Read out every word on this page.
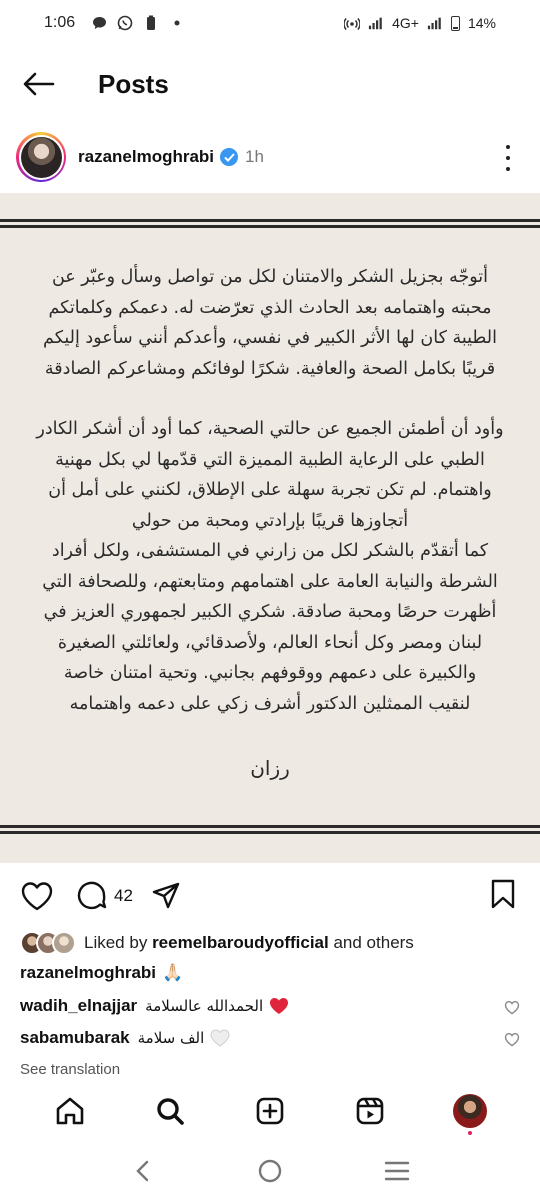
1:06	4G+	14%
Posts
razanelmoghrabi 1h

أتوجّه بجزيل الشكر والامتنان لكل من تواصل وسأل وعبّر عن

محبته واهتمامه بعد الحادث الذي تعرّضت له. دعمكم وكلماتكم

الطيبة كان لها الأثر الكبير في نفسي، وأعدكم أنني سأعود إليكم

قريبًا بكامل الصحة والعافية. شكرًا لوفائكم ومشاعركم الصادقة

وأود أن أطمئن الجميع عن حالتي الصحية، كما أود أن أشكر الكادر

الطبي على الرعاية الطبية المميزة التي قدّمها لي بكل مهنية

واهتمام. لم تكن تجربة سهلة على الإطلاق، لكنني على أمل أن

أتجاوزها قريبًا بإرادتي ومحبة من حولي

كما أتقدّم بالشكر لكل من زارني في المستشفى، ولكل أفراد

الشرطة والنيابة العامة على اهتمامهم ومتابعتهم، وللصحافة التي

أظهرت حرصًا ومحبة صادقة. شكري الكبير لجمهوري العزيز في

لبنان ومصر وكل أنحاء العالم، ولأصدقائي، ولعائلتي الصغيرة

والكبيرة على دعمهم ووقوفهم بجانبي. وتحية امتنان خاصة

لنقيب الممثلين الدكتور أشرف زكي على دعمه واهتمامه

رزان
42
Liked by reemelbaroudyofficial and others
razanelmoghrabi 🙏🏻
wadih_elnajjar الحمدالله عالسلامة
sabamubarak الف سلامة
See translation
